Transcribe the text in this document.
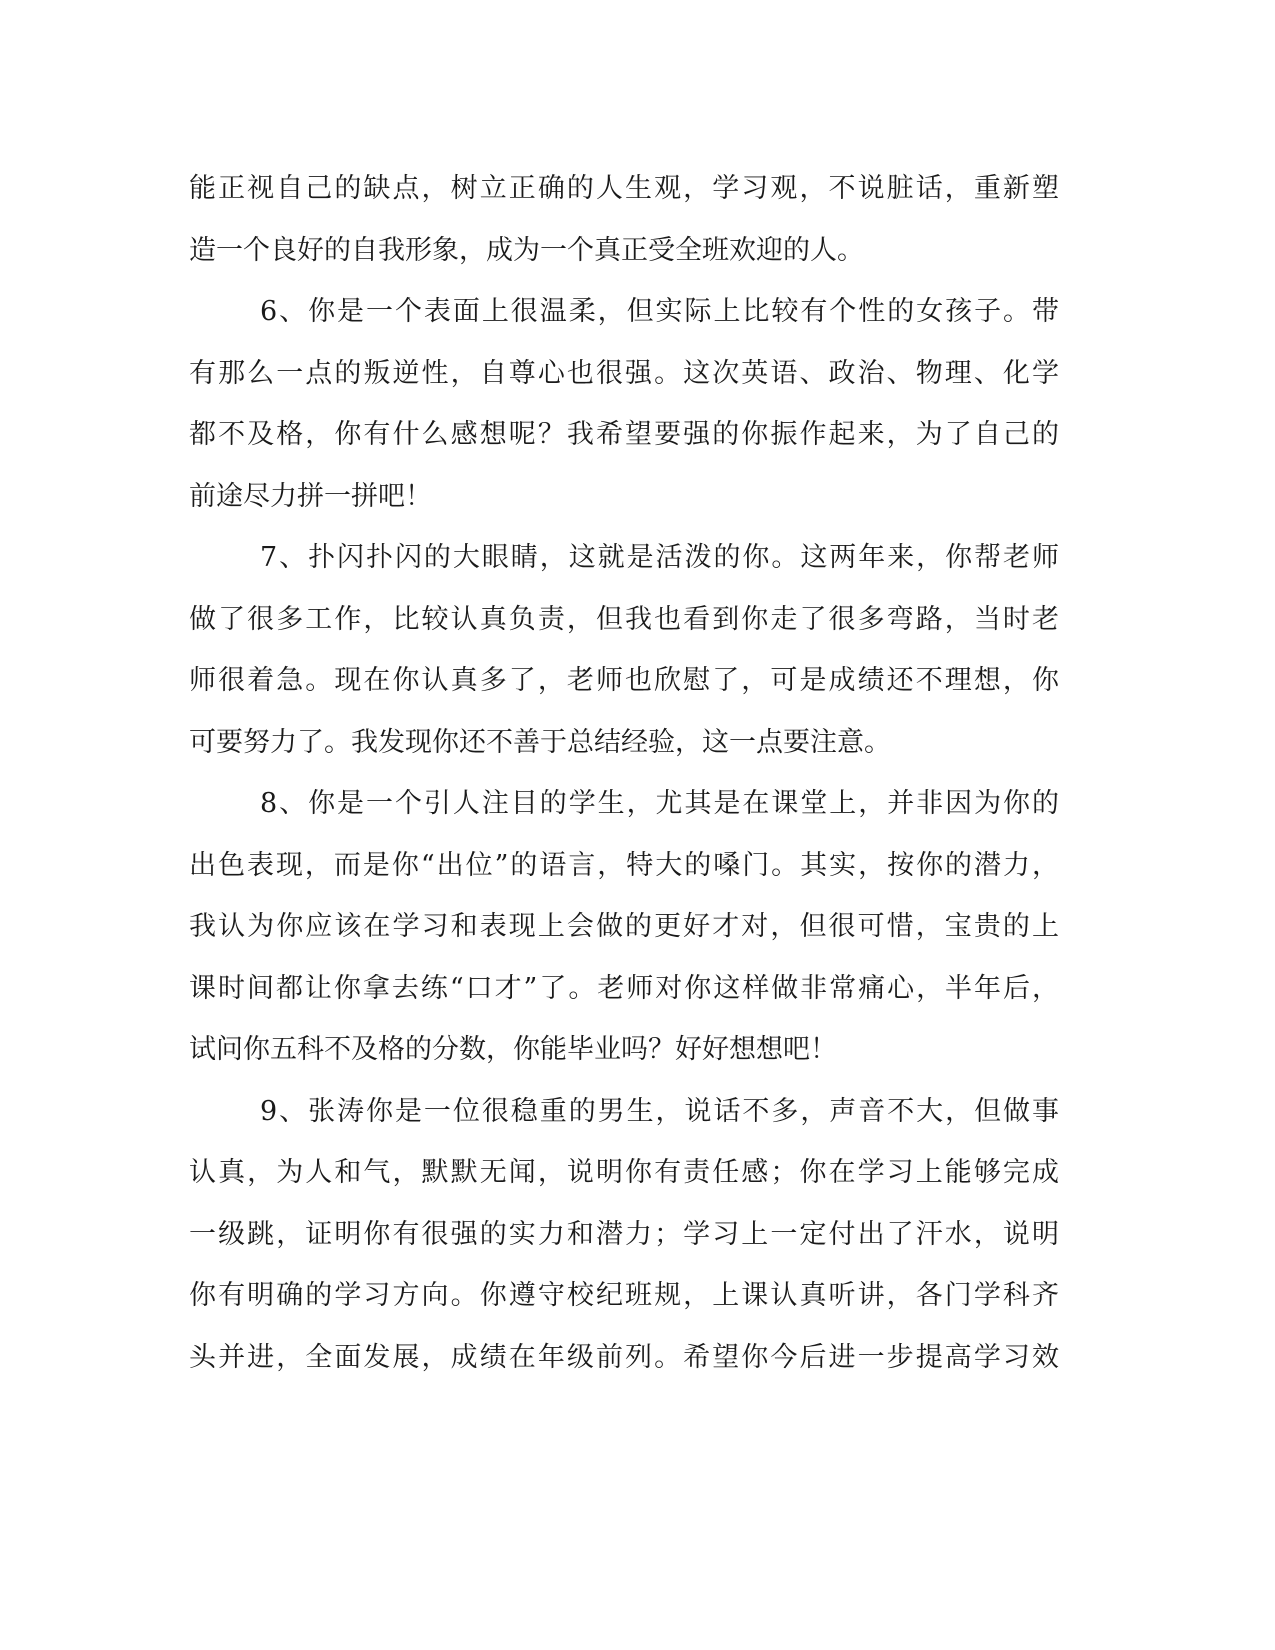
能正视自己的缺点，树立正确的人生观，学习观，不说脏话，重新塑
造一个良好的自我形象，成为一个真正受全班欢迎的人。
6、你是一个表面上很温柔，但实际上比较有个性的女孩子。带
有那么一点的叛逆性，自尊心也很强。这次英语、政治、物理、化学
都不及格，你有什么感想呢？我希望要强的你振作起来，为了自己的
前途尽力拼一拼吧！
7、扑闪扑闪的大眼睛，这就是活泼的你。这两年来，你帮老师
做了很多工作，比较认真负责，但我也看到你走了很多弯路，当时老
师很着急。现在你认真多了，老师也欣慰了，可是成绩还不理想，你
可要努力了。我发现你还不善于总结经验，这一点要注意。
8、你是一个引人注目的学生，尤其是在课堂上，并非因为你的
出色表现，而是你“出位”的语言，特大的嗓门。其实，按你的潜力，
我认为你应该在学习和表现上会做的更好才对，但很可惜，宝贵的上
课时间都让你拿去练“口才”了。老师对你这样做非常痛心，半年后，
试问你五科不及格的分数，你能毕业吗？好好想想吧！
9、张涛你是一位很稳重的男生，说话不多，声音不大，但做事
认真，为人和气，默默无闻，说明你有责任感；你在学习上能够完成
一级跳，证明你有很强的实力和潜力；学习上一定付出了汗水，说明
你有明确的学习方向。你遵守校纪班规，上课认真听讲，各门学科齐
头并进，全面发展，成绩在年级前列。希望你今后进一步提高学习效
